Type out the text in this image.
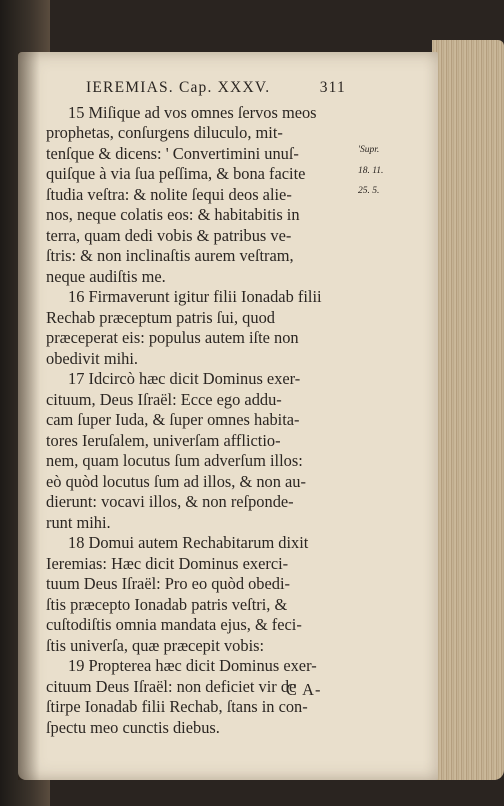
IEREMIAS. Cap. XXXV.	311
15 Miſique ad vos omnes ſervos meos
prophetas, conſurgens diluculo, mit-
tenſque & dicens: ' Convertimini unuſ-
quiſque à via ſua peſſima, & bona facite
ſtudia veſtra: & nolite ſequi deos alie-
nos, neque colatis eos: & habitabitis in
terra, quam dedi vobis & patribus ve-
ſtris: & non inclinaſtis aurem veſtram,
neque audiſtis me.
16 Firmaverunt igitur filii Ionadab filii
Rechab præceptum patris ſui, quod
præceperat eis: populus autem iſte non
obedivit mihi.
17 Idcircò hæc dicit Dominus exer-
cituum, Deus Iſraël: Ecce ego addu-
cam ſuper Iuda, & ſuper omnes habita-
tores Ieruſalem, univerſam afflictio-
nem, quam locutus ſum adverſum illos:
eò quòd locutus ſum ad illos, & non au-
dierunt: vocavi illos, & non reſponde-
runt mihi.
18 Domui autem Rechabitarum dixit
Ieremias: Hæc dicit Dominus exerci-
tuum Deus Iſraël: Pro eo quòd obedi-
ſtis præcepto Ionadab patris veſtri, &
cuſtodiſtis omnia mandata ejus, & feci-
ſtis univerſa, quæ præcepit vobis:
19 Propterea hæc dicit Dominus exer-
cituum Deus Iſraël: non deficiet vir de
ſtirpe Ionadab filii Rechab, ſtans in con-
ſpectu meo cunctis diebus.
'Supr.
18. 11.
25. 5.
C A-
